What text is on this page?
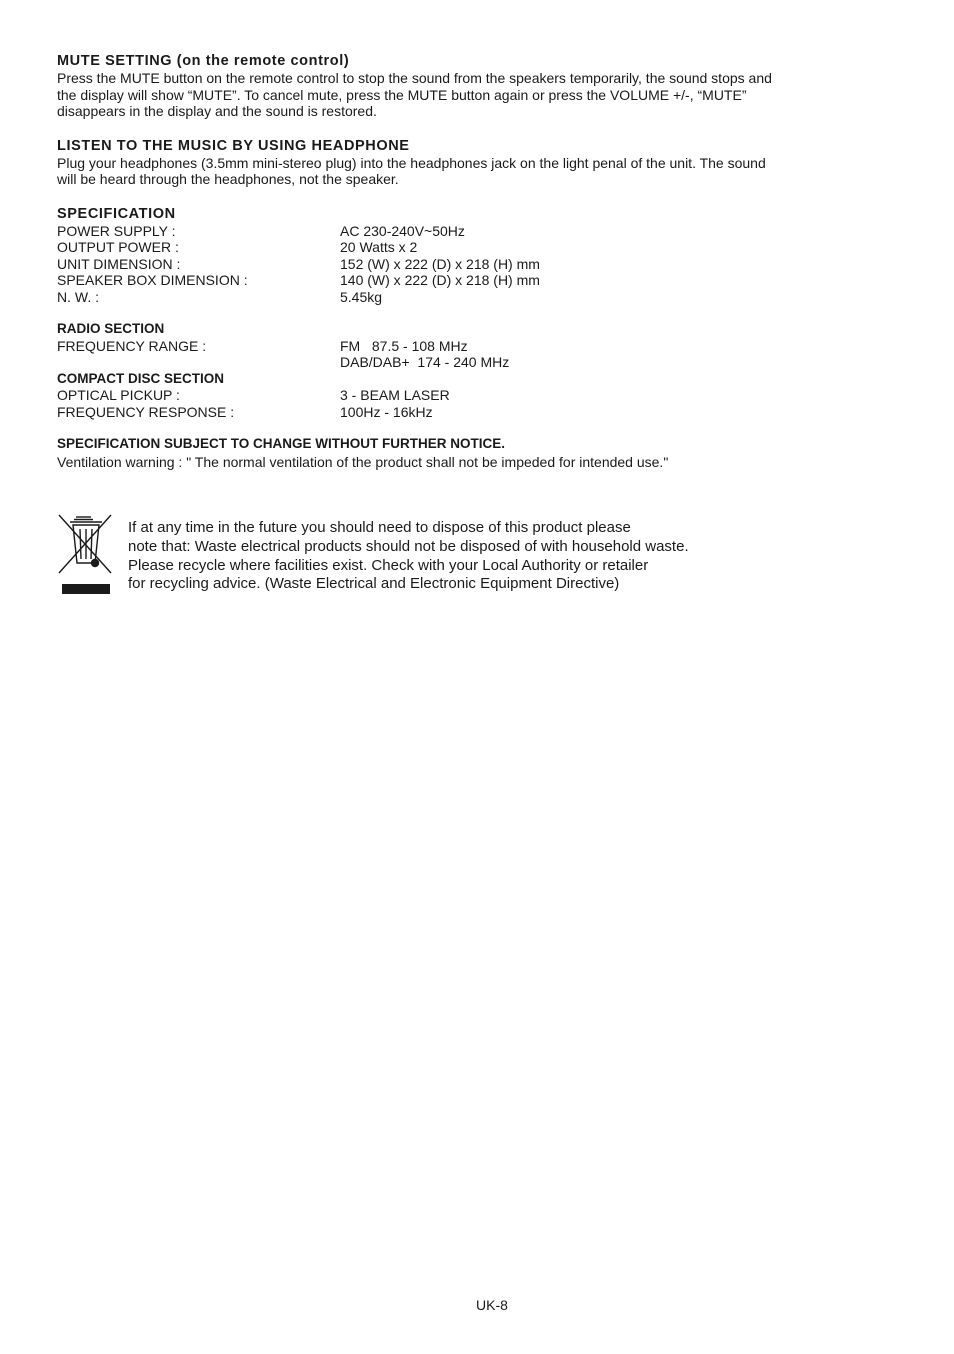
MUTE SETTING (on the remote control)

Press the MUTE button on the remote control to stop the sound from the speakers temporarily, the sound stops and

the display will show “MUTE”. To cancel mute, press the MUTE button again or press the VOLUME +/-, “MUTE”

disappears in the display and the sound is restored.

LISTEN TO THE MUSIC BY USING HEADPHONE

Plug your headphones (3.5mm mini-stereo plug) into the headphones jack on the light penal of the unit. The sound

will be heard through the headphones, not the speaker.

SPECIFICATION
POWER SUPPLY :	AC 230-240V~50Hz
OUTPUT POWER :	20 Watts x 2
UNIT DIMENSION :	152 (W) x 222 (D) x 218 (H) mm
SPEAKER BOX DIMENSION :	140 (W) x 222 (D) x 218 (H) mm
N. W. :	5.45kg
RADIO SECTION
FREQUENCY RANGE :	FM   87.5 - 108 MHz
DAB/DAB+  174 - 240 MHz
COMPACT DISC SECTION
OPTICAL PICKUP :	3 - BEAM LASER
FREQUENCY RESPONSE :	100Hz - 16kHz

SPECIFICATION SUBJECT TO CHANGE WITHOUT FURTHER NOTICE.

Ventilation warning : " The normal ventilation of the product shall not be impeded for intended use."

If at any time in the future you should need to dispose of this product please
note that: Waste electrical products should not be disposed of with household waste.
Please recycle where facilities exist. Check with your Local Authority or retailer
for recycling advice. (Waste Electrical and Electronic Equipment Directive)
UK-8
